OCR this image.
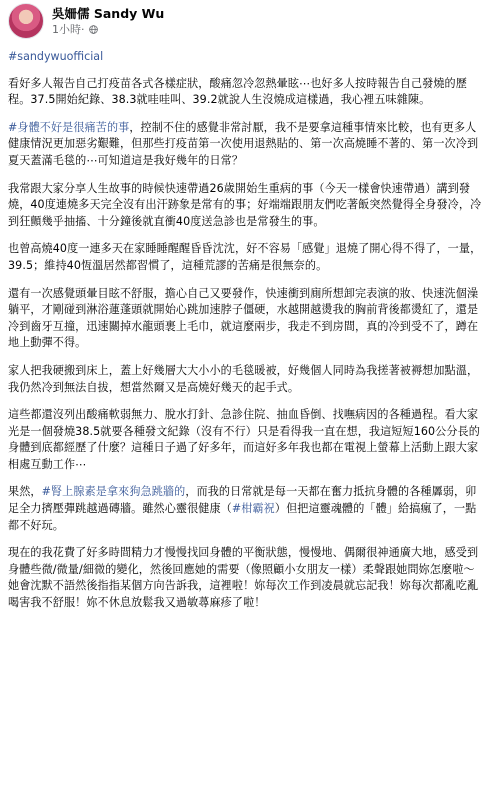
吳姍儒 Sandy Wu
1小時 ·

#sandywuofficial

看好多人報告自己打疫苗各式各樣症狀，酸痛忽冷忽熱暈眩⋯也好多人按時報告自己發燒的歷程。37.5開始紀錄、38.3就哇哇叫、39.2就說人生沒燒成這樣過，我心裡五味雜陳。

#身體不好是很痛苦的事，控制不住的感覺非常討厭，我不是要拿這種事情來比較，也有更多人健康情況更加惡劣艱難，但那些打疫苗第一次使用退熱貼的、第一次高燒睡不著的、第一次冷到夏天蓋滿毛毯的⋯可知道這是我好幾年的日常？

我常跟大家分享人生故事的時候快速帶過26歲開始生重病的事（今天一樣會快速帶過）講到發燒，40度連燒多天完全沒有出汗跡象是常有的事；好端端跟朋友們吃著飯突然覺得全身發冷，冷到狂顫幾乎抽搐、十分鐘後就直衝40度送急診也是常發生的事。

也曾高燒40度一連多天在家睡睡醒醒昏昏沈沈，好不容易「感覺」退燒了開心得不得了，一量，39.5；維持40恆溫居然都習慣了，這種荒謬的苦痛是很無奈的。

還有一次感覺頭暈目眩不舒服，擔心自己又要發作，快速衝到廁所想卸完表演的妝、快速洗個澡躺平，才剛碰到淋浴蓮蓬頭就開始心跳加速脖子僵硬，水越開越燙我的胸前背後都燙紅了，還是冷到齒牙互撞，迅速關掉水龍頭裹上毛巾，就這麼兩步，我走不到房間，真的冷到受不了，蹲在地上動彈不得。

家人把我硬搬到床上，蓋上好幾層大大小小的毛毯暖被，好幾個人同時為我搓著被褥想加點溫，我仍然冷到無法自拔，想當然爾又是高燒好幾天的起手式。

這些都還沒列出酸痛軟弱無力、脫水打針、急診住院、抽血昏倒、找嘸病因的各種過程。看大家光是一個發燒38.5就要各種發文紀錄（沒有不行）只是看得我一直在想，我這短短160公分長的身體到底都經歷了什麼？這種日子過了好多年，而這好多年我也都在電視上螢幕上活動上跟大家相處互動工作⋯

果然，#腎上腺素是拿來狗急跳牆的，而我的日常就是每一天都在奮力抵抗身體的各種羼弱，卯足全力擠壓彈跳越過磚牆。雖然心靈很健康（#柑霸祝）但把這靈魂體的「體」給搞瘋了，一點都不好玩。

現在的我花費了好多時間精力才慢慢找回身體的平衡狀態，慢慢地、偶爾很神通廣大地，感受到身體些微/微量/細微的變化，然後回應她的需要（像照顧小女朋友一樣）柔聲跟她問妳怎麼啦～她會沈默不語然後指指某個方向告訴我，這裡啦！妳每次工作到凌晨就忘記我！妳每次都亂吃亂喝害我不舒服！妳不休息放鬆我又過敏蕁麻疹了啦！
